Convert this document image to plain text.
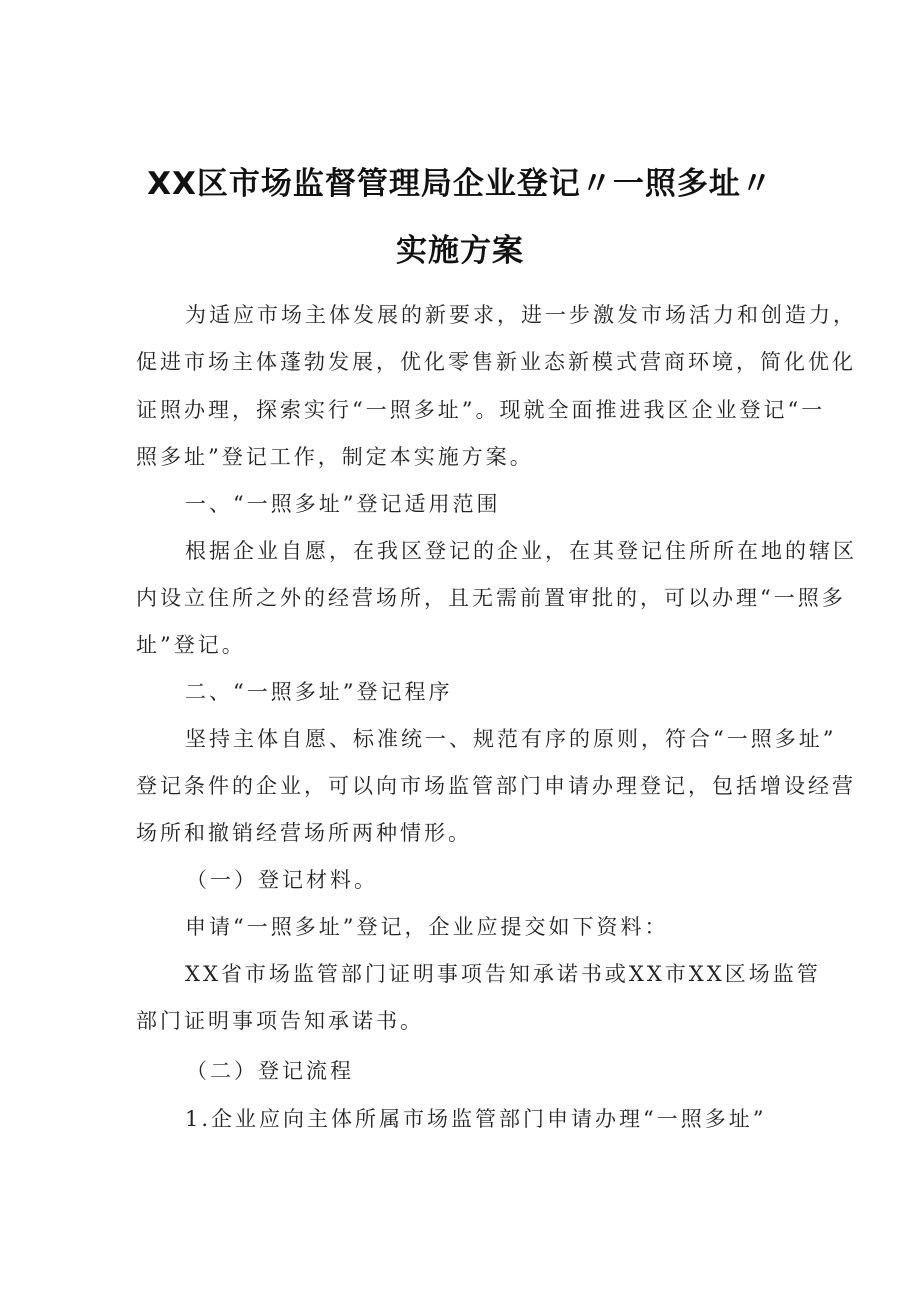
XX区市场监督管理局企业登记〃一照多址〃
实施方案
为适应市场主体发展的新要求，进一步激发市场活力和创造力，
促进市场主体蓬勃发展，优化零售新业态新模式营商环境，简化优化
证照办理，探索实行“一照多址”。现就全面推进我区企业登记“一
照多址”登记工作，制定本实施方案。
一、“一照多址”登记适用范围
根据企业自愿，在我区登记的企业，在其登记住所所在地的辖区
内设立住所之外的经营场所，且无需前置审批的，可以办理“一照多
址”登记。
二、“一照多址”登记程序
坚持主体自愿、标准统一、规范有序的原则，符合“一照多址”
登记条件的企业，可以向市场监管部门申请办理登记，包括增设经营
场所和撤销经营场所两种情形。
（一）登记材料。
申请“一照多址”登记，企业应提交如下资料：
XX省市场监管部门证明事项告知承诺书或XX市XX区场监管
部门证明事项告知承诺书。
（二）登记流程
1.企业应向主体所属市场监管部门申请办理“一照多址”
